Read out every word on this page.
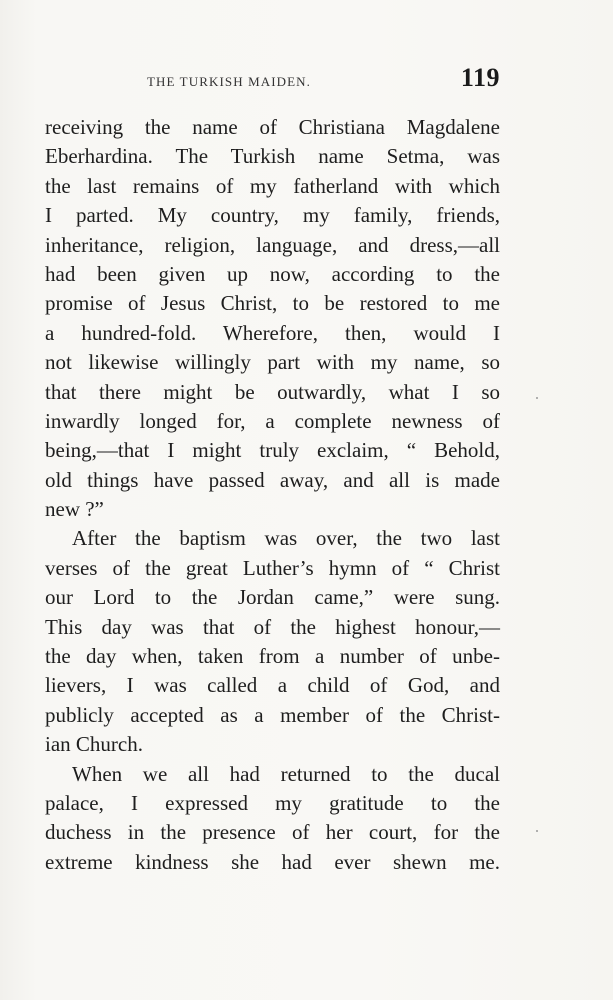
THE TURKISH MAIDEN.	119
receiving the name of Christiana Magdalene
Eberhardina. The Turkish name Setma, was
the last remains of my fatherland with which
I parted. My country, my family, friends,
inheritance, religion, language, and dress,—all
had been given up now, according to the
promise of Jesus Christ, to be restored to me
a hundred-fold. Wherefore, then, would I
not likewise willingly part with my name, so
that there might be outwardly, what I so
inwardly longed for, a complete newness of
being,—that I might truly exclaim, “ Behold,
old things have passed away, and all is made
new ?”
After the baptism was over, the two last
verses of the great Luther’s hymn of “ Christ
our Lord to the Jordan came,” were sung.
This day was that of the highest honour,—
the day when, taken from a number of unbe-
lievers, I was called a child of God, and
publicly accepted as a member of the Christ-
ian Church.
When we all had returned to the ducal
palace, I expressed my gratitude to the
duchess in the presence of her court, for the
extreme kindness she had ever shewn me.
